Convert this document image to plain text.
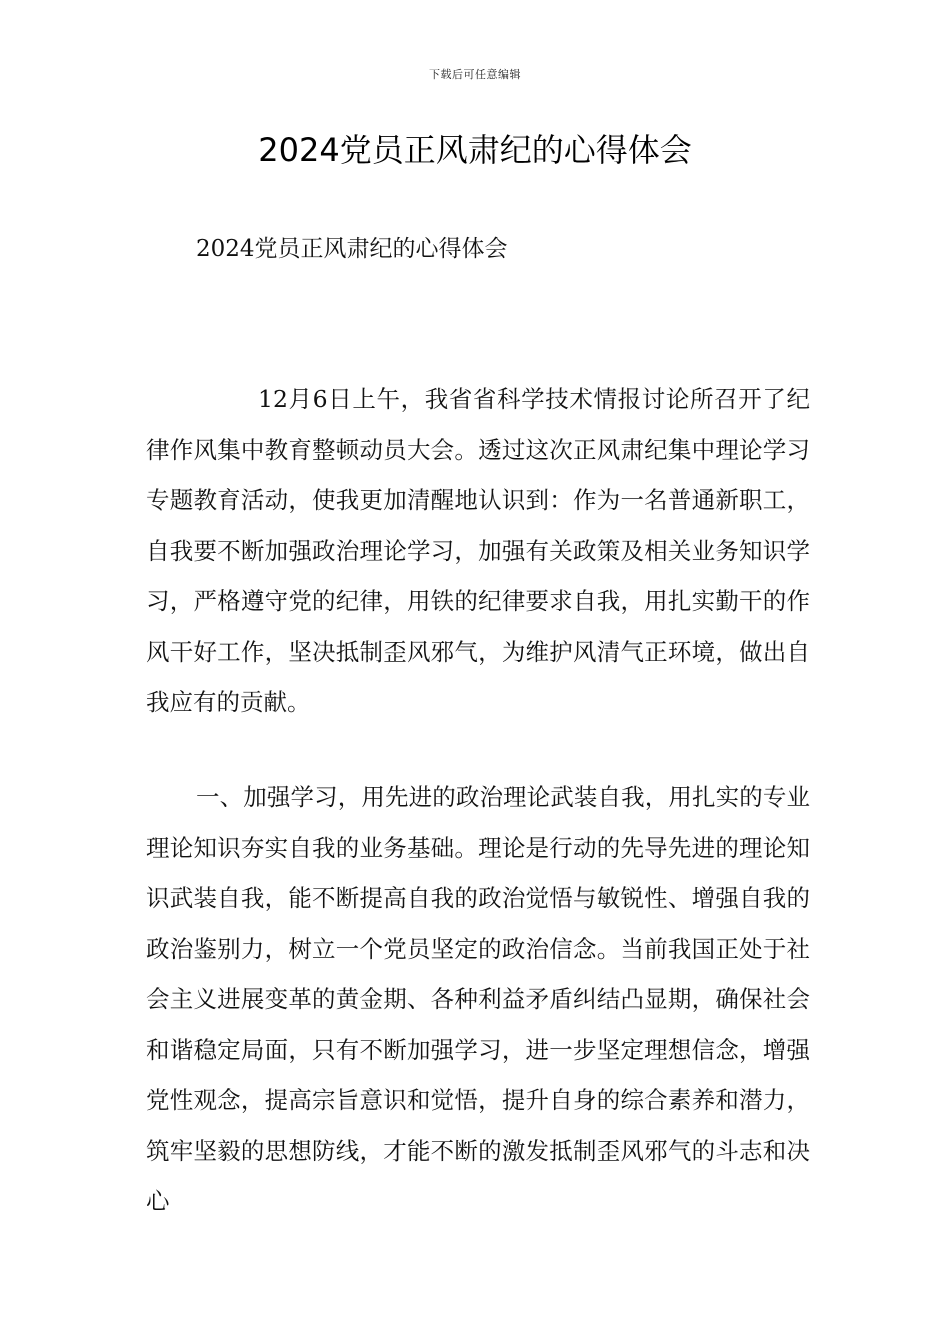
下载后可任意编辑
2024党员正风肃纪的心得体会
2024党员正风肃纪的心得体会

12月6日上午，我省省科学技术情报讨论所召开了纪律作风集中教育整顿动员大会。透过这次正风肃纪集中理论学习专题教育活动，使我更加清醒地认识到：作为一名普通新职工，自我要不断加强政治理论学习，加强有关政策及相关业务知识学习，严格遵守党的纪律，用铁的纪律要求自我，用扎实勤干的作风干好工作，坚决抵制歪风邪气，为维护风清气正环境，做出自我应有的贡献。

一、加强学习，用先进的政治理论武装自我，用扎实的专业理论知识夯实自我的业务基础。理论是行动的先导先进的理论知识武装自我，能不断提高自我的政治觉悟与敏锐性、增强自我的政治鉴别力，树立一个党员坚定的政治信念。当前我国正处于社会主义进展变革的黄金期、各种利益矛盾纠结凸显期，确保社会和谐稳定局面，只有不断加强学习，进一步坚定理想信念，增强党性观念，提高宗旨意识和觉悟，提升自身的综合素养和潜力，筑牢坚毅的思想防线，才能不断的激发抵制歪风邪气的斗志和决心
